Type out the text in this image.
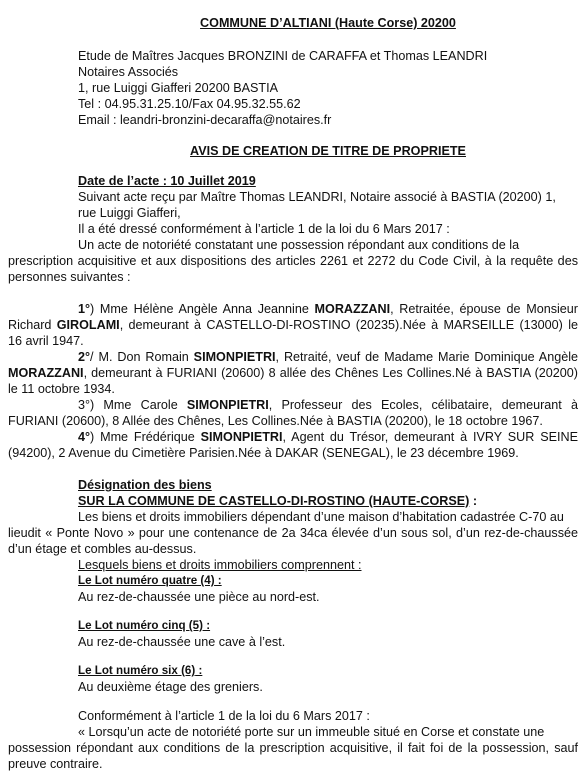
COMMUNE D’ALTIANI (Haute Corse) 20200

Etude de Maîtres Jacques BRONZINI de CARAFFA et Thomas LEANDRI

Notaires Associés

1, rue Luiggi Giafferi 20200 BASTIA

Tel : 04.95.31.25.10/Fax 04.95.32.55.62

Email : leandri-bronzini-decaraffa@notaires.fr

AVIS DE CREATION DE TITRE DE PROPRIETE

Date de l’acte : 10 Juillet 2019

Suivant acte reçu par Maître Thomas LEANDRI, Notaire associé à BASTIA (20200) 1,

rue Luiggi Giafferi,

Il a été dressé conformément à l’article 1 de la loi du 6 Mars 2017 :

Un acte de notoriété constatant une possession répondant aux conditions de la

prescription acquisitive et aux dispositions des articles 2261 et 2272 du Code Civil, à la requête des personnes suivantes :

1°) Mme Hélène Angèle Anna Jeannine MORAZZANI, Retraitée, épouse de Monsieur Richard GIROLAMI, demeurant à CASTELLO-DI-ROSTINO (20235).Née à MARSEILLE (13000) le 16 avril 1947.

2°/ M. Don Romain SIMONPIETRI, Retraité, veuf de Madame Marie Dominique Angèle MORAZZANI, demeurant à FURIANI (20600) 8 allée des Chênes Les Collines.Né à BASTIA (20200) le 11 octobre 1934.

3°) Mme Carole SIMONPIETRI, Professeur des Ecoles, célibataire, demeurant à FURIANI (20600), 8 Allée des Chênes, Les Collines.Née à BASTIA (20200), le 18 octobre 1967.

4°) Mme Frédérique SIMONPIETRI, Agent du Trésor, demeurant à IVRY SUR SEINE (94200), 2 Avenue du Cimetière Parisien.Née à DAKAR (SENEGAL), le 23 décembre 1969.

Désignation des biens

SUR LA COMMUNE DE CASTELLO-DI-ROSTINO (HAUTE-CORSE) :

Les biens et droits immobiliers dépendant d’une maison d’habitation cadastrée C-70 au

lieudit « Ponte Novo » pour une contenance de 2a 34ca élevée d’un sous sol, d’un rez-de-chaussée d’un étage et combles au-dessus.

Lesquels biens et droits immobiliers comprennent :

Le Lot numéro quatre (4) :

Au rez-de-chaussée une pièce au nord-est.

Le Lot numéro cinq (5) :

Au rez-de-chaussée une cave à l’est.

Le Lot numéro six (6) :

Au deuxième étage des greniers.

Conformément à l’article 1 de la loi du 6 Mars 2017 :

« Lorsqu’un acte de notoriété porte sur un immeuble situé en Corse et constate une

possession répondant aux conditions de la prescription acquisitive, il fait foi de la possession, sauf preuve contraire.
